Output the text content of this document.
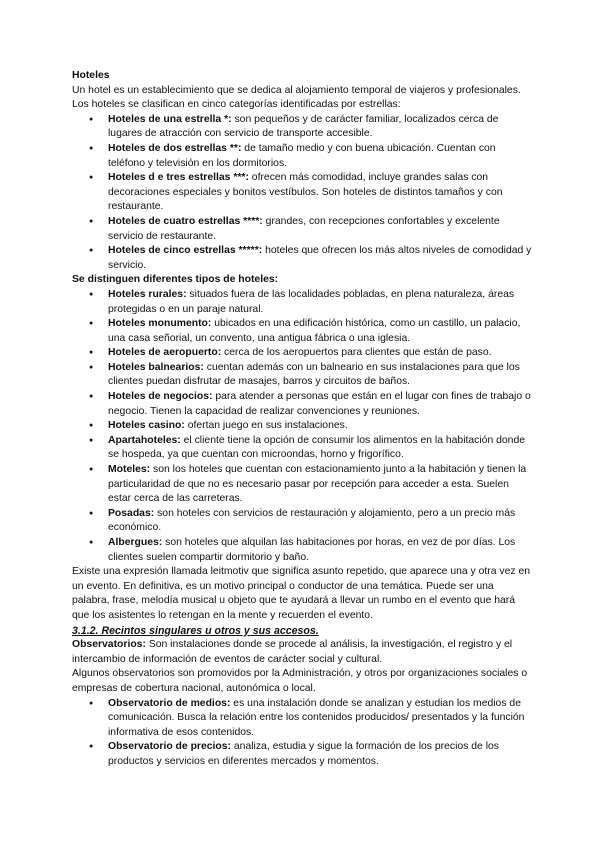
Hoteles

Un hotel es un establecimiento que se dedica al alojamiento temporal de viajeros y profesionales. Los hoteles se clasifican en cinco categorías identificadas por estrellas:

● Hoteles de una estrella *: son pequeños y de carácter familiar, localizados cerca de lugares de atracción con servicio de transporte accesible.
● Hoteles de dos estrellas **: de tamaño medio y con buena ubicación. Cuentan con teléfono y televisión en los dormitorios.
● Hoteles d e tres estrellas ***: ofrecen más comodidad, incluye grandes salas con decoraciones especiales y bonitos vestíbulos. Son hoteles de distintos tamaños y con restaurante.
● Hoteles de cuatro estrellas ****: grandes, con recepciones confortables y excelente servicio de restaurante.
● Hoteles de cinco estrellas *****: hoteles que ofrecen los más altos niveles de comodidad y servicio.

Se distinguen diferentes tipos de hoteles:

● Hoteles rurales: situados fuera de las localidades pobladas, en plena naturaleza, áreas protegidas o en un paraje natural.
● Hoteles monumento: ubicados en una edificación histórica, como un castillo, un palacio, una casa señorial, un convento, una antigua fábrica o una iglesia.
● Hoteles de aeropuerto: cerca de los aeropuertos para clientes que están de paso.
● Hoteles balnearios: cuentan además con un balneario en sus instalaciones para que los clientes puedan disfrutar de masajes, barros y circuitos de baños.
● Hoteles de negocios: para atender a personas que están en el lugar con fines de trabajo o negocio. Tienen la capacidad de realizar convenciones y reuniones.
● Hoteles casino: ofertan juego en sus instalaciones.
● Apartahoteles: el cliente tiene la opción de consumir los alimentos en la habitación donde se hospeda, ya que cuentan con microondas, horno y frigorífico.
● Moteles: son los hoteles que cuentan con estacionamiento junto a la habitación y tienen la particularidad de que no es necesario pasar por recepción para acceder a esta. Suelen estar cerca de las carreteras.
● Posadas: son hoteles con servicios de restauración y alojamiento, pero a un precio más económico.
● Albergues: son hoteles que alquilan las habitaciones por horas, en vez de por días. Los clientes suelen compartir dormitorio y baño.

Existe una expresión llamada leitmotiv que significa asunto repetido, que aparece una y otra vez en un evento. En definitiva, es un motivo principal o conductor de una temática. Puede ser una palabra, frase, melodía musical u objeto que te ayudará a llevar un rumbo en el evento que hará que los asistentes lo retengan en la mente y recuerden el evento.

3.1.2. Recintos singulares u otros y sus accesos.

Observatorios: Son instalaciones donde se procede al análisis, la investigación, el registro y el intercambio de información de eventos de carácter social y cultural.

Algunos observatorios son promovidos por la Administración, y otros por organizaciones sociales o empresas de cobertura nacional, autonómica o local.

● Observatorio de medios: es una instalación donde se analizan y estudian los medios de comunicación. Busca la relación entre los contenidos producidos/ presentados y la función informativa de esos contenidos.
● Observatorio de precios: analiza, estudia y sigue la formación de los precios de los productos y servicios en diferentes mercados y momentos.
